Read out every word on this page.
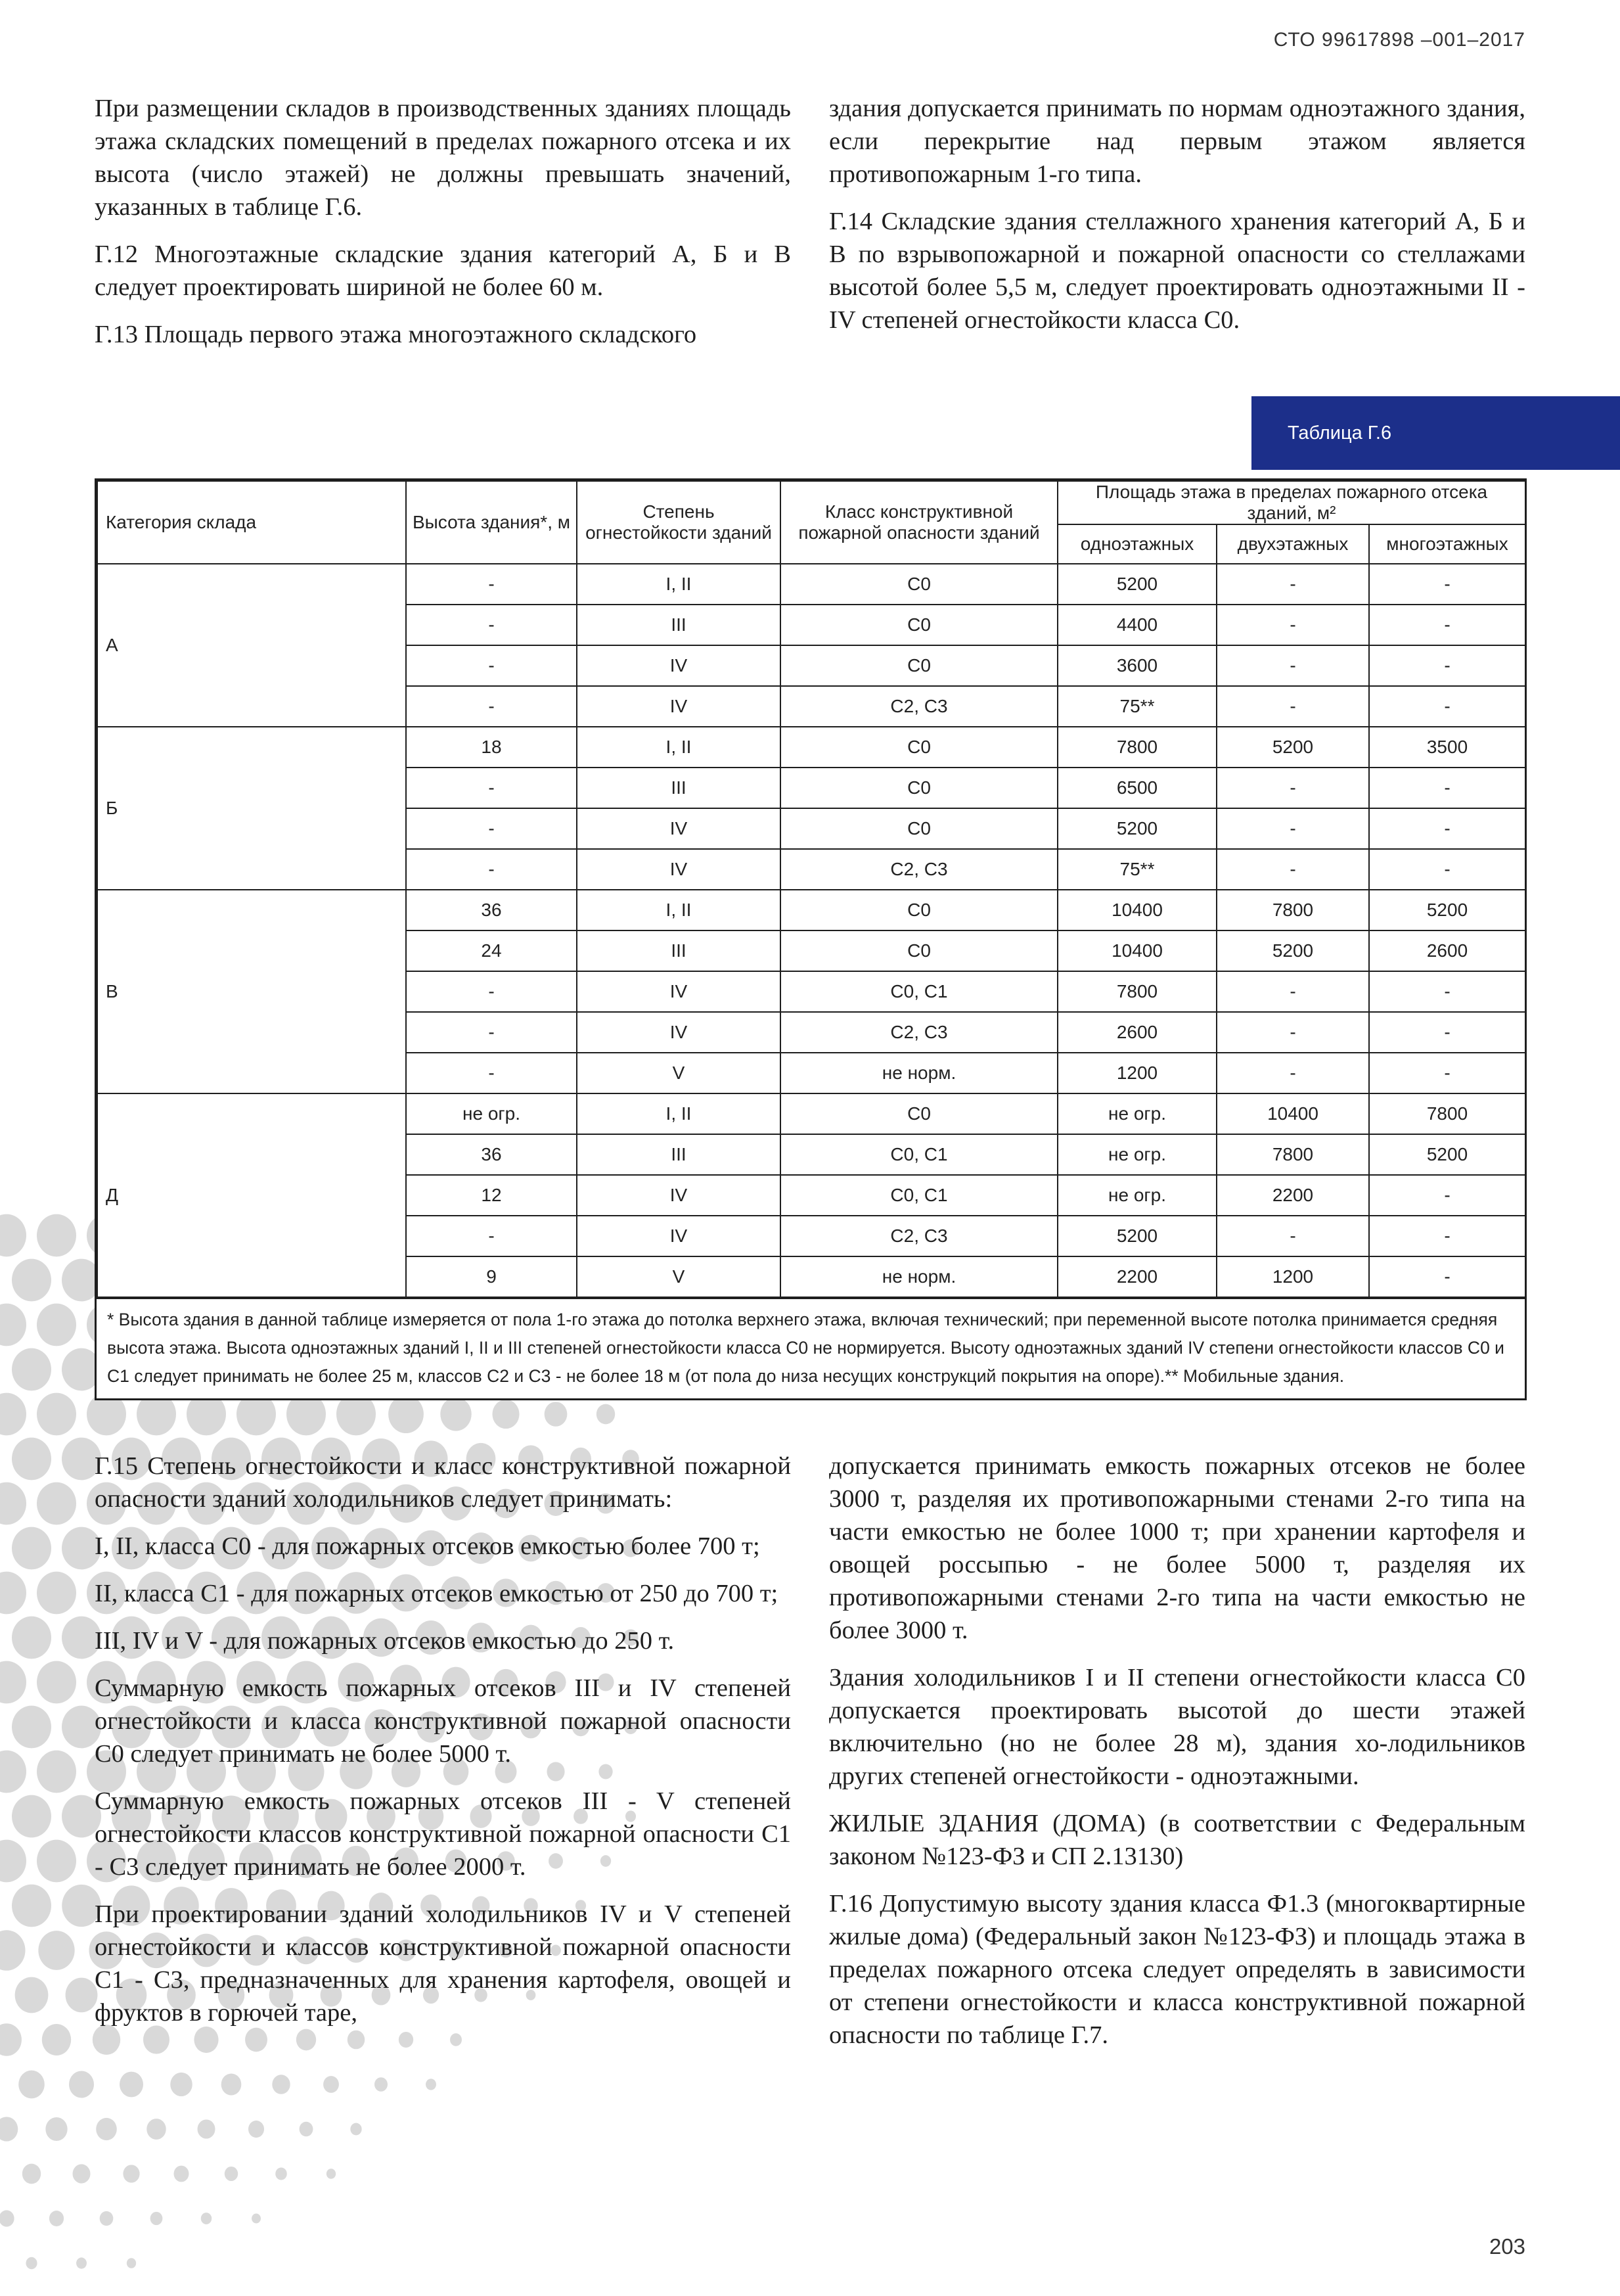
СТО 99617898 –001–2017

При размещении складов в производственных зданиях площадь этажа складских помещений в пределах пожарного отсека и их высота (число этажей) не должны превышать значений, указанных в таблице Г.6.

Г.12 Многоэтажные складские здания категорий А, Б и В следует проектировать шириной не более 60 м.

Г.13 Площадь первого этажа многоэтажного складского

здания допускается принимать по нормам одноэтажного здания, если перекрытие над первым этажом является противопожарным 1-го типа.

Г.14 Складские здания стеллажного хранения категорий А, Б и В по взрывопожарной и пожарной опасности со стеллажами высотой более 5,5 м, следует проектировать одноэтажными II - IV степеней огнестойкости класса С0.

Таблица Г.6
Категория склада	Высота здания*, м	Степень огнестойкости зданий	Класс конструктивной пожарной опасности зданий	Площадь этажа в пределах пожарного отсека зданий, м²		
				одноэтажных	двухэтажных	многоэтажных
А	-	I, II	С0	5200	-	-
	-	III	С0	4400	-	-
	-	IV	С0	3600	-	-
	-	IV	С2, С3	75**	-	-
Б	18	I, II	С0	7800	5200	3500
	-	III	С0	6500	-	-
	-	IV	С0	5200	-	-
	-	IV	С2, С3	75**	-	-
В	36	I, II	С0	10400	7800	5200
	24	III	С0	10400	5200	2600
	-	IV	С0, С1	7800	-	-
	-	IV	С2, С3	2600	-	-
	-	V	не норм.	1200	-	-
Д	не огр.	I, II	С0	не огр.	10400	7800
	36	III	С0, С1	не огр.	7800	5200
	12	IV	С0, С1	не огр.	2200	-
	-	IV	С2, С3	5200	-	-
	9	V	не норм.	2200	1200	-
* Высота здания в данной таблице измеряется от пола 1-го этажа до потолка верхнего этажа, включая технический; при переменной высоте потолка принимается средняя высота этажа. Высота одноэтажных зданий I, II и III степеней огнестойкости класса С0 не нормируется. Высоту одноэтажных зданий IV степени огнестойкости классов С0 и С1 следует принимать не более 25 м, классов С2 и С3 - не более 18 м (от пола до низа несущих конструкций покрытия на опоре).** Мобильные здания.

Г.15 Степень огнестойкости и класс конструктивной пожарной опасности зданий холодильников следует принимать:

I, II, класса С0 - для пожарных отсеков емкостью более 700 т;

II, класса С1 - для пожарных отсеков емкостью от 250 до 700 т;

III, IV и V - для пожарных отсеков емкостью до 250 т.

Суммарную емкость пожарных отсеков III и IV степеней огнестойкости и класса конструктивной пожарной опасности С0 следует принимать не более 5000 т.

Суммарную емкость пожарных отсеков III - V степеней огнестойкости классов конструктивной пожарной опасности С1 - С3 следует принимать не более 2000 т.

При проектировании зданий холодильников IV и V степеней огнестойкости и классов конструктивной пожарной опасности С1 - С3, предназначенных для хранения картофеля, овощей и фруктов в горючей таре,

допускается принимать емкость пожарных отсеков не более 3000 т, разделяя их противопожарными стенами 2-го типа на части емкостью не более 1000 т; при хранении картофеля и овощей россыпью - не более 5000 т, разделяя их противопожарными стенами 2-го типа на части емкостью не более 3000 т.

Здания холодильников I и II степени огнестойкости класса С0 допускается проектировать высотой до шести этажей включительно (но не более 28 м), здания хо-лодильников других степеней огнестойкости - одноэтажными.

ЖИЛЫЕ ЗДАНИЯ (ДОМА) (в соответствии с Федеральным законом №123-ФЗ и СП 2.13130)

Г.16 Допустимую высоту здания класса Ф1.3 (многоквартирные жилые дома) (Федеральный закон №123-ФЗ) и площадь этажа в пределах пожарного отсека следует определять в зависимости от степени огнестойкости и класса конструктивной пожарной опасности по таблице Г.7.

203
